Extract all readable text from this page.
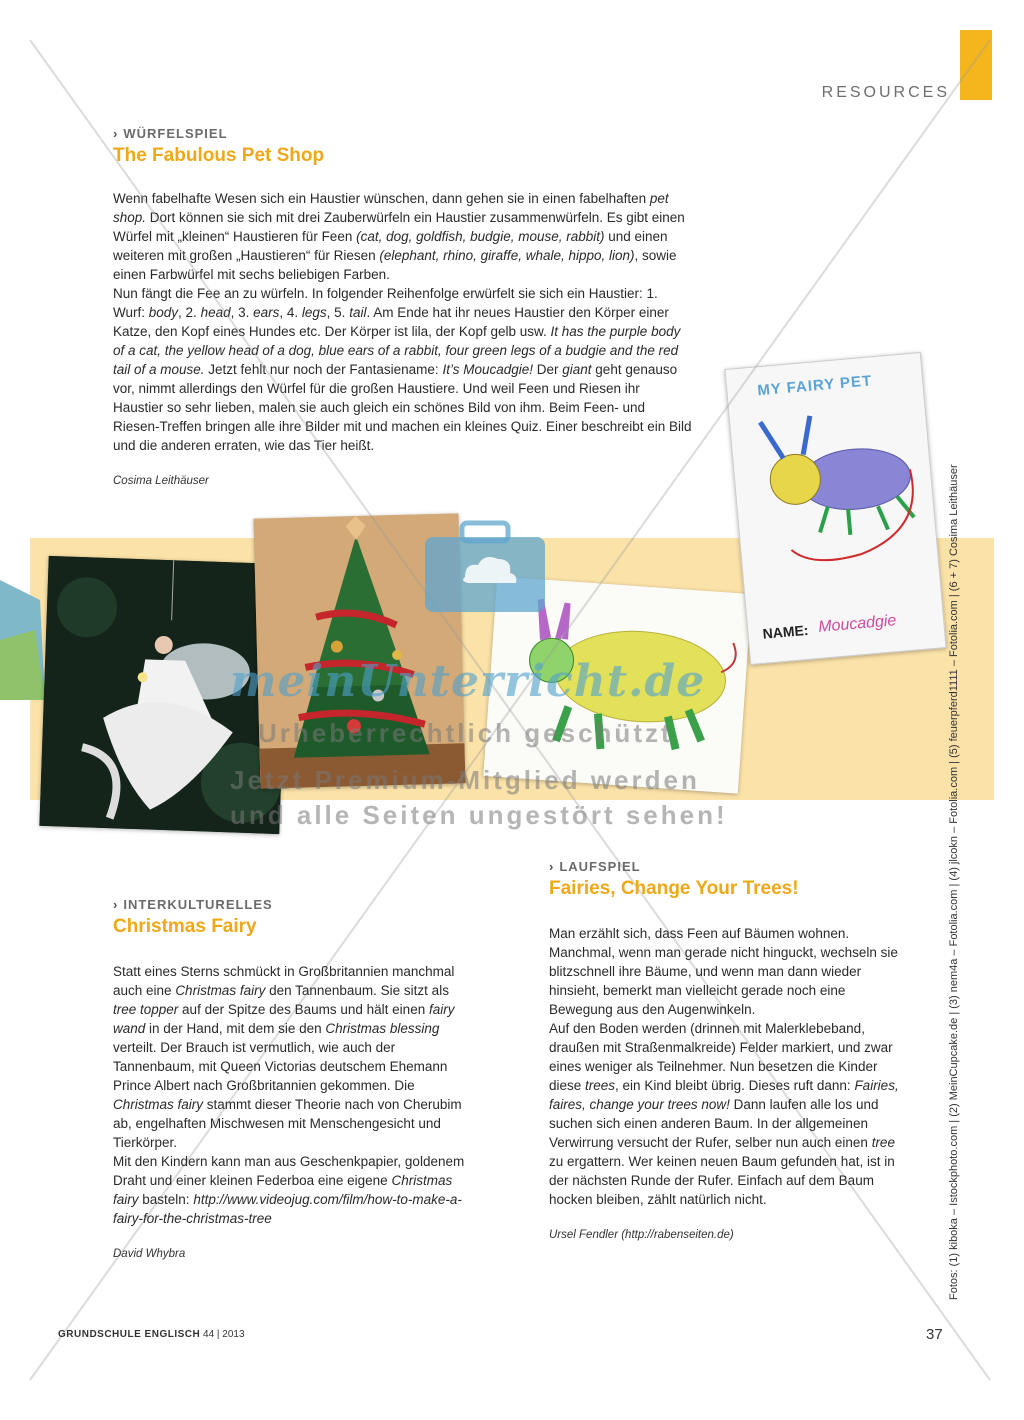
RESOURCES
› WÜRFELSPIEL
The Fabulous Pet Shop

Wenn fabelhafte Wesen sich ein Haustier wünschen, dann gehen sie in einen fabelhaften pet shop. Dort können sie sich mit drei Zauberwürfeln ein Haustier zusammenwürfeln. Es gibt einen Würfel mit „kleinen“ Haustieren für Feen (cat, dog, goldfish, budgie, mouse, rabbit) und einen weiteren mit großen „Haustieren“ für Riesen (elephant, rhino, giraffe, whale, hippo, lion), sowie einen Farbwürfel mit sechs beliebigen Farben.

Nun fängt die Fee an zu würfeln. In folgender Reihenfolge erwürfelt sie sich ein Haustier: 1. Wurf: body, 2. head, 3. ears, 4. legs, 5. tail. Am Ende hat ihr neues Haustier den Körper einer Katze, den Kopf eines Hundes etc. Der Körper ist lila, der Kopf gelb usw. It has the purple body of a cat, the yellow head of a dog, blue ears of a rabbit, four green legs of a budgie and the red tail of a mouse. Jetzt fehlt nur noch der Fantasiename: It’s Moucadgie! Der giant geht genauso vor, nimmt allerdings den Würfel für die großen Haustiere. Und weil Feen und Riesen ihr Haustier so sehr lieben, malen sie auch gleich ein schönes Bild von ihm. Beim Feen- und Riesen-Treffen bringen alle ihre Bilder mit und machen ein kleines Quiz. Einer beschreibt ein Bild und die anderen erraten, wie das Tier heißt.

Cosima Leithäuser
MY FAIRY PET
NAME: Moucadgie
meinUnterricht.de
Urheberrechtlich geschützt
Jetzt Premium-Mitglied werden
und alle Seiten ungestört sehen!
› INTERKULTURELLES
Christmas Fairy

Statt eines Sterns schmückt in Großbritannien manchmal auch eine Christmas fairy den Tannenbaum. Sie sitzt als tree topper auf der Spitze des Baums und hält einen fairy wand in der Hand, mit dem sie den Christmas blessing verteilt. Der Brauch ist vermutlich, wie auch der Tannenbaum, mit Queen Victorias deutschem Ehemann Prince Albert nach Großbritannien gekommen. Die Christmas fairy stammt dieser Theorie nach von Cherubim ab, engelhaften Mischwesen mit Menschengesicht und Tierkörper.

Mit den Kindern kann man aus Geschenkpapier, goldenem Draht und einer kleinen Federboa eine eigene Christmas fairy basteln: http://www.videojug.com/film/how-to-make-a-fairy-for-the-christmas-tree

David Whybra
› LAUFSPIEL
Fairies, Change Your Trees!

Man erzählt sich, dass Feen auf Bäumen wohnen. Manchmal, wenn man gerade nicht hinguckt, wechseln sie blitzschnell ihre Bäume, und wenn man dann wieder hinsieht, bemerkt man vielleicht gerade noch eine Bewegung aus den Augenwinkeln.

Auf den Boden werden (drinnen mit Malerklebeband, draußen mit Straßenmalkreide) Felder markiert, und zwar eines weniger als Teilnehmer. Nun besetzen die Kinder diese trees, ein Kind bleibt übrig. Dieses ruft dann: Fairies, faires, change your trees now! Dann laufen alle los und suchen sich einen anderen Baum. In der allgemeinen Verwirrung versucht der Rufer, selber nun auch einen tree zu ergattern. Wer keinen neuen Baum gefunden hat, ist in der nächsten Runde der Rufer. Einfach auf dem Baum hocken bleiben, zählt natürlich nicht.

Ursel Fendler (http://rabenseiten.de)	Fotos: (1) kiboka – Istockphoto.com | (2) MeinCupcake.de | (3) nem4a – Fotolia.com | (4) jlcokn – Fotolia.com | (5) feuerpferd1111 – Fotolia.com | (6 + 7) Cosima Leithäuser
GRUNDSCHULE ENGLISCH 44 | 2013	37
